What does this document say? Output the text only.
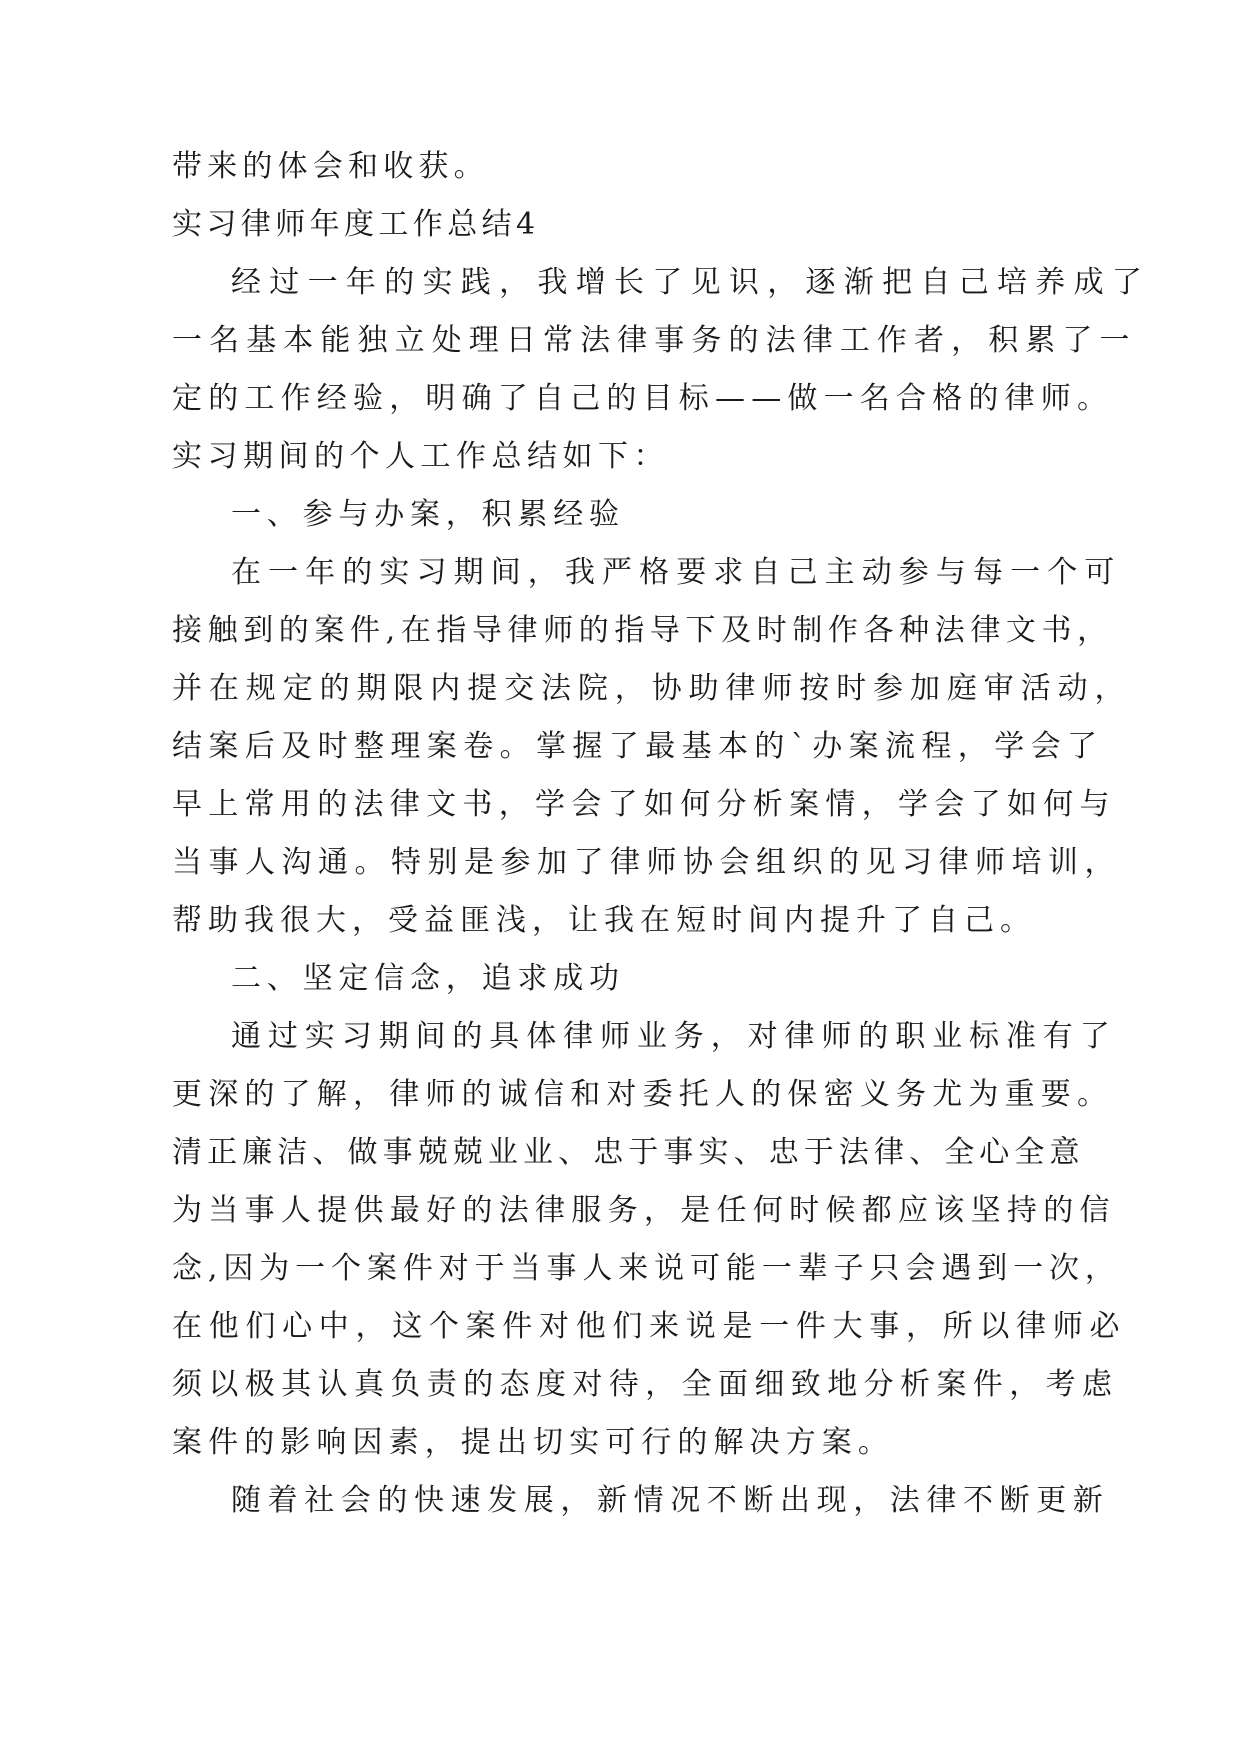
带来的体会和收获。

实习律师年度工作总结4

经过一年的实践，我增长了见识，逐渐把自己培养成了

一名基本能独立处理日常法律事务的法律工作者，积累了一

定的工作经验，明确了自己的目标——做一名合格的律师。

实习期间的个人工作总结如下：

一、参与办案，积累经验

在一年的实习期间，我严格要求自己主动参与每一个可

接触到的案件,在指导律师的指导下及时制作各种法律文书，

并在规定的期限内提交法院，协助律师按时参加庭审活动，

结案后及时整理案卷。掌握了最基本的`办案流程，学会了

早上常用的法律文书，学会了如何分析案情，学会了如何与

当事人沟通。特别是参加了律师协会组织的见习律师培训，

帮助我很大，受益匪浅，让我在短时间内提升了自己。

二、坚定信念，追求成功

通过实习期间的具体律师业务，对律师的职业标准有了

更深的了解，律师的诚信和对委托人的保密义务尤为重要。

清正廉洁、做事兢兢业业、忠于事实、忠于法律、全心全意

为当事人提供最好的法律服务，是任何时候都应该坚持的信

念,因为一个案件对于当事人来说可能一辈子只会遇到一次，

在他们心中，这个案件对他们来说是一件大事，所以律师必

须以极其认真负责的态度对待，全面细致地分析案件，考虑

案件的影响因素，提出切实可行的解决方案。

随着社会的快速发展，新情况不断出现，法律不断更新
